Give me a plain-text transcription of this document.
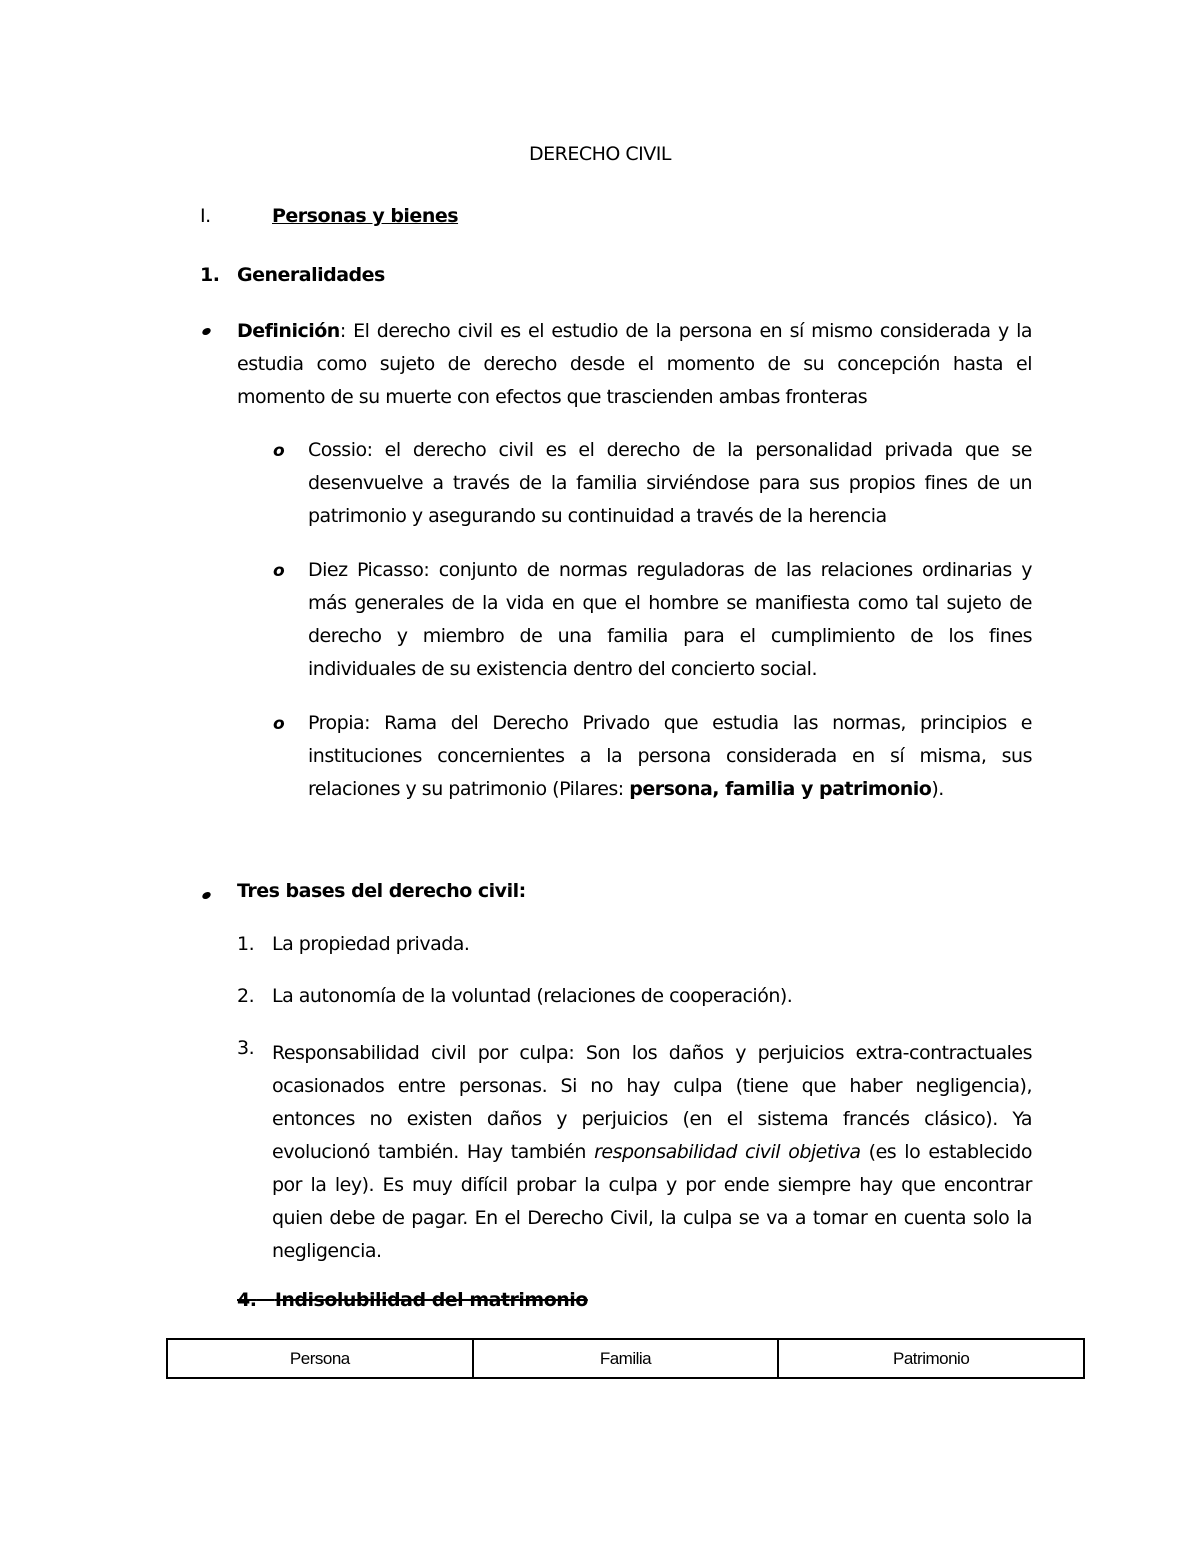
DERECHO CIVIL
I.	Personas y bienes
1. Generalidades
Definición: El derecho civil es el estudio de la persona en sí mismo considerada y la estudia como sujeto de derecho desde el momento de su concepción hasta el momento de su muerte con efectos que trascienden ambas fronteras
o Cossio: el derecho civil es el derecho de la personalidad privada que se desenvuelve a través de la familia sirviéndose para sus propios fines de un patrimonio y asegurando su continuidad a través de la herencia
o Diez Picasso: conjunto de normas reguladoras de las relaciones ordinarias y más generales de la vida en que el hombre se manifiesta como tal sujeto de derecho y miembro de una familia para el cumplimiento de los fines individuales de su existencia dentro del concierto social.
o Propia: Rama del Derecho Privado que estudia las normas, principios e instituciones concernientes a la persona considerada en sí misma, sus relaciones y su patrimonio (Pilares: persona, familia y patrimonio).
Tres bases del derecho civil:
1. La propiedad privada.
2. La autonomía de la voluntad (relaciones de cooperación).
3. Responsabilidad civil por culpa: Son los daños y perjuicios extra-contractuales ocasionados entre personas. Si no hay culpa (tiene que haber negligencia), entonces no existen daños y perjuicios (en el sistema francés clásico). Ya evolucionó también. Hay también responsabilidad civil objetiva (es lo establecido por la ley). Es muy difícil probar la culpa y por ende siempre hay que encontrar quien debe de pagar. En el Derecho Civil, la culpa se va a tomar en cuenta solo la negligencia.
4. Indisolubilidad del matrimonio
Persona	Familia	Patrimonio
